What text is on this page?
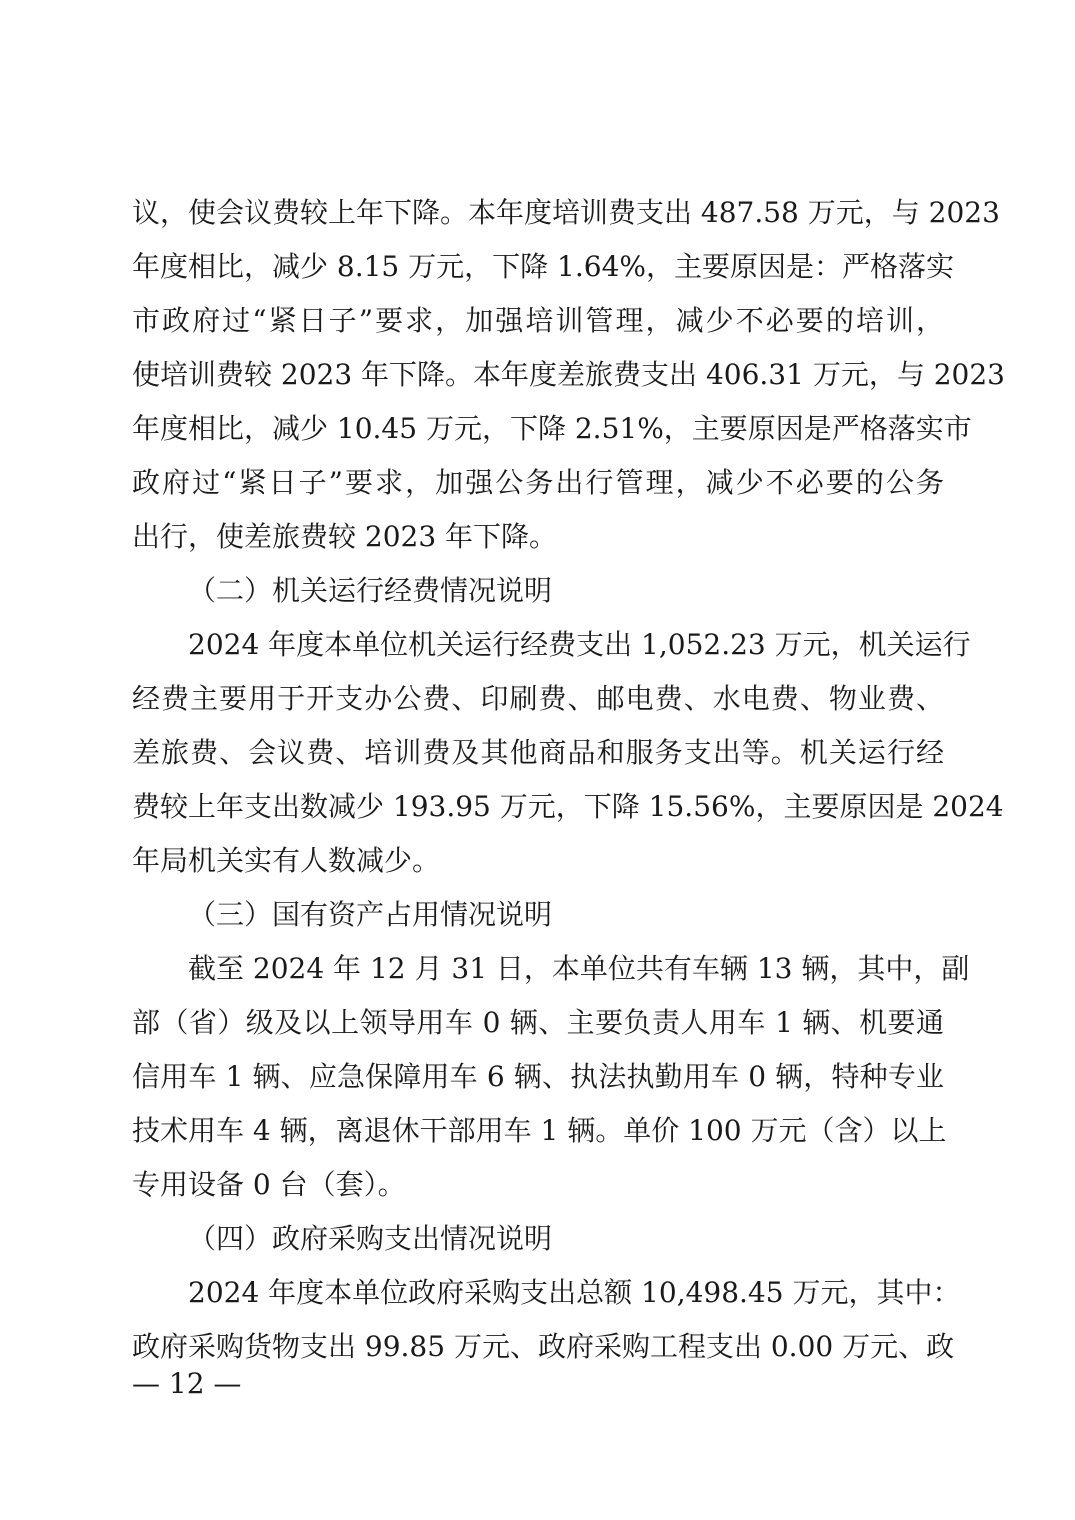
议，使会议费较上年下降。本年度培训费支出 487.58 万元，与 2023
年度相比，减少 8.15 万元，下降 1.64%，主要原因是：严格落实
市政府过“紧日子”要求，加强培训管理，减少不必要的培训，
使培训费较 2023 年下降。本年度差旅费支出 406.31 万元，与 2023
年度相比，减少 10.45 万元，下降 2.51%，主要原因是严格落实市
政府过“紧日子”要求，加强公务出行管理，减少不必要的公务
出行，使差旅费较 2023 年下降。
（二）机关运行经费情况说明
2024 年度本单位机关运行经费支出 1,052.23 万元，机关运行
经费主要用于开支办公费、印刷费、邮电费、水电费、物业费、
差旅费、会议费、培训费及其他商品和服务支出等。机关运行经
费较上年支出数减少 193.95 万元，下降 15.56%，主要原因是 2024
年局机关实有人数减少。
（三）国有资产占用情况说明
截至 2024 年 12 月 31 日，本单位共有车辆 13 辆，其中，副
部（省）级及以上领导用车 0 辆、主要负责人用车 1 辆、机要通
信用车 1 辆、应急保障用车 6 辆、执法执勤用车 0 辆，特种专业
技术用车 4 辆，离退休干部用车 1 辆。单价 100 万元（含）以上
专用设备 0 台（套）。
（四）政府采购支出情况说明
2024 年度本单位政府采购支出总额 10,498.45 万元，其中：
政府采购货物支出 99.85 万元、政府采购工程支出 0.00 万元、政
— 12 —
